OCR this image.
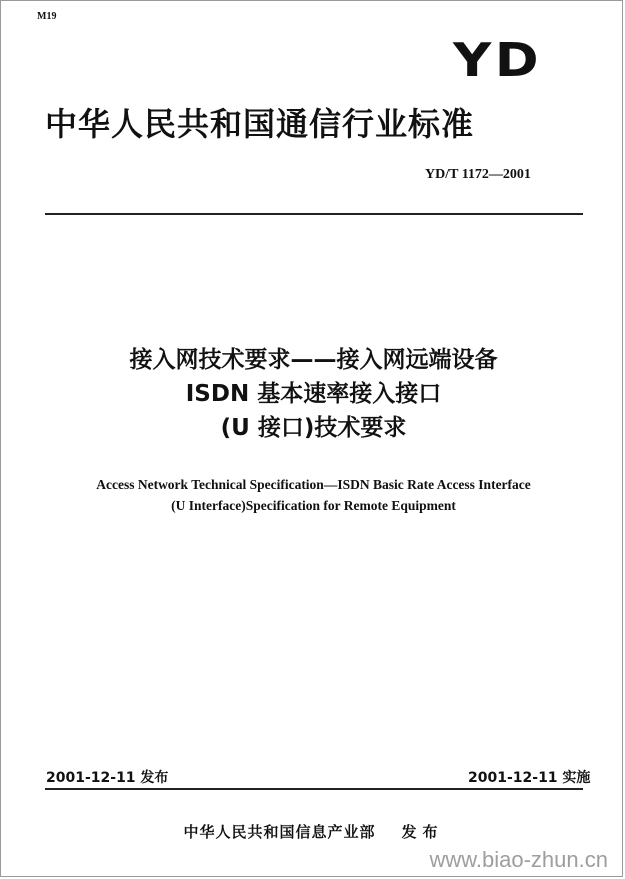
M19
YD
中华人民共和国通信行业标准
YD/T 1172—2001
接入网技术要求——接入网远端设备
ISDN 基本速率接入接口
(U 接口)技术要求
Access Network Technical Specification—ISDN Basic Rate Access Interface
(U Interface)Specification for Remote Equipment
2001-12-11 发布	2001-12-11 实施
中华人民共和国信息产业部 发布
www.biao-zhun.cn
